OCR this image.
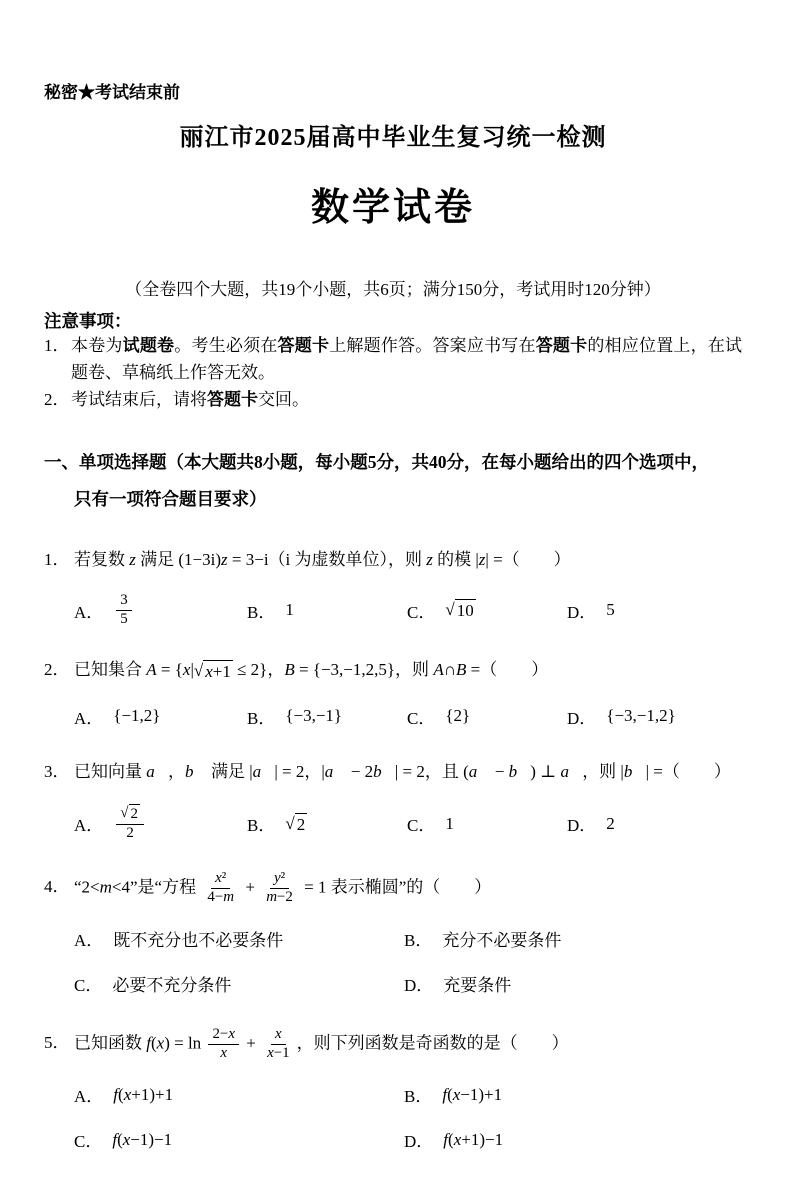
秘密★考试结束前
丽江市2025届高中毕业生复习统一检测
数学试卷
（全卷四个大题，共19个小题，共6页；满分150分，考试用时120分钟）
注意事项：
1． 本卷为试题卷。考生必须在答题卡上解题作答。答案应书写在答题卡的相应位置上，在试题卷、草稿纸上作答无效。
2． 考试结束后，请将答题卡交回。
一、单项选择题（本大题共8小题，每小题5分，共40分，在每小题给出的四个选项中，
只有一项符合题目要求）
1． 若复数 z 满足 (1−3i)z = 3−i（i 为虚数单位），则 z 的模 |z| =（　　）
A． $\frac{3}{5}$	B． 1	C． √ 10	D． 5
2． 已知集合 A = {x| √ x+1 ≤ 2}，B = {−3,−1,2,5}，则 A∩B =（　　）
A． {−1,2}	B． {−3,−1}	C． {2}	D． {−3,−1,2}
3． 已知向量 a⃗，b⃗ 满足 |a⃗| = 2，|a⃗ − 2b⃗| = 2，且 (a⃗ − b⃗) ⊥ a⃗，则 |b⃗| =（　　）
A． $\frac{√ 2}{2}$	B． √ 2	C． 1	D． 2
4． “2<m<4”是“方程 $\frac{\text{x²}}{4-m} + \frac{\text{y²}}{m-2} = 1$ 表示椭圆”的（　　）
A． 既不充分也不必要条件	B． 充分不必要条件
C． 必要不充分条件	D． 充要条件
5． 已知函数 $f(x) = \ln \frac{2-x}{x} + \frac{x}{x-1}$ ，则下列函数是奇函数的是（　　）
A． f(x+1)+1	B． f(x−1)+1
C． f(x−1)−1	D． f(x+1)−1
